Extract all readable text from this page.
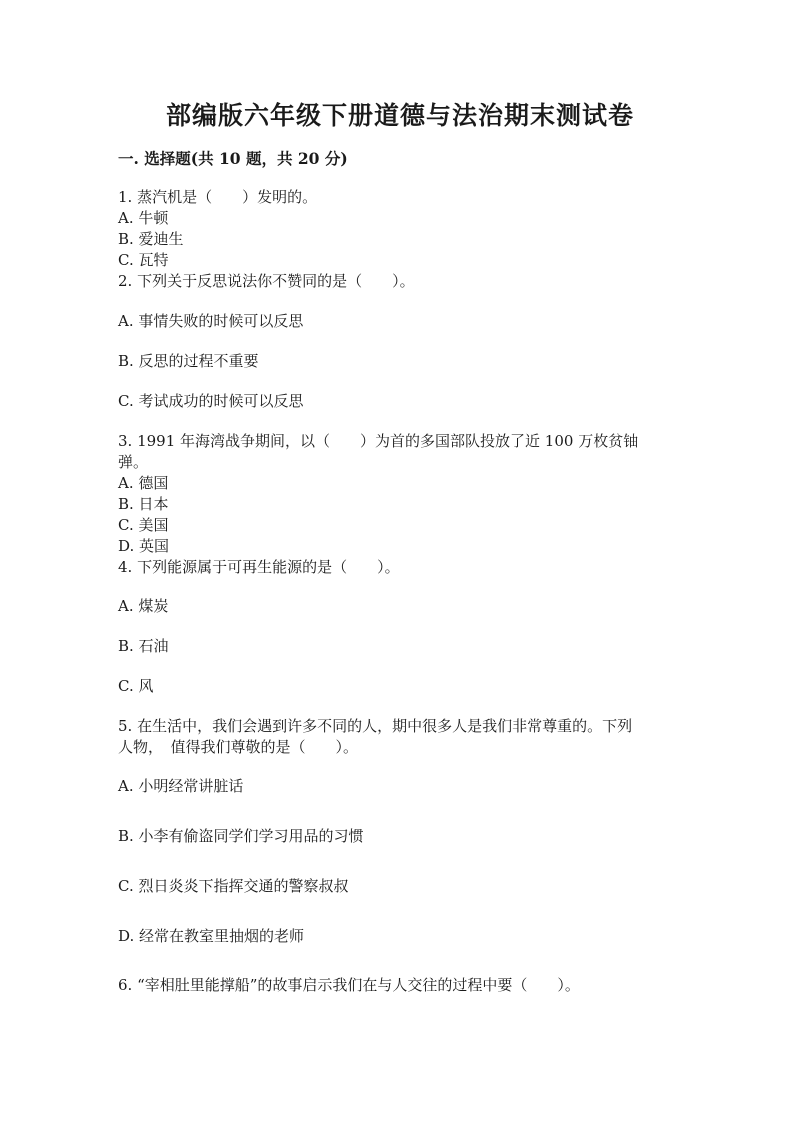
部编版六年级下册道德与法治期末测试卷
一. 选择题(共 10 题，共 20 分)
1. 蒸汽机是（　　）发明的。
A. 牛顿
B. 爱迪生
C. 瓦特
2. 下列关于反思说法你不赞同的是（　　）。
A. 事情失败的时候可以反思
B. 反思的过程不重要
C. 考试成功的时候可以反思
3. 1991 年海湾战争期间，以（　　）为首的多国部队投放了近 100 万枚贫铀
弹。
A. 德国
B. 日本
C. 美国
D. 英国
4. 下列能源属于可再生能源的是（　　）。
A. 煤炭
B. 石油
C. 风
5. 在生活中，我们会遇到许多不同的人，期中很多人是我们非常尊重的。下列
人物，　值得我们尊敬的是（　　）。
A. 小明经常讲脏话
B. 小李有偷盗同学们学习用品的习惯
C. 烈日炎炎下指挥交通的警察叔叔
D. 经常在教室里抽烟的老师
6. “宰相肚里能撑船”的故事启示我们在与人交往的过程中要（　　）。
